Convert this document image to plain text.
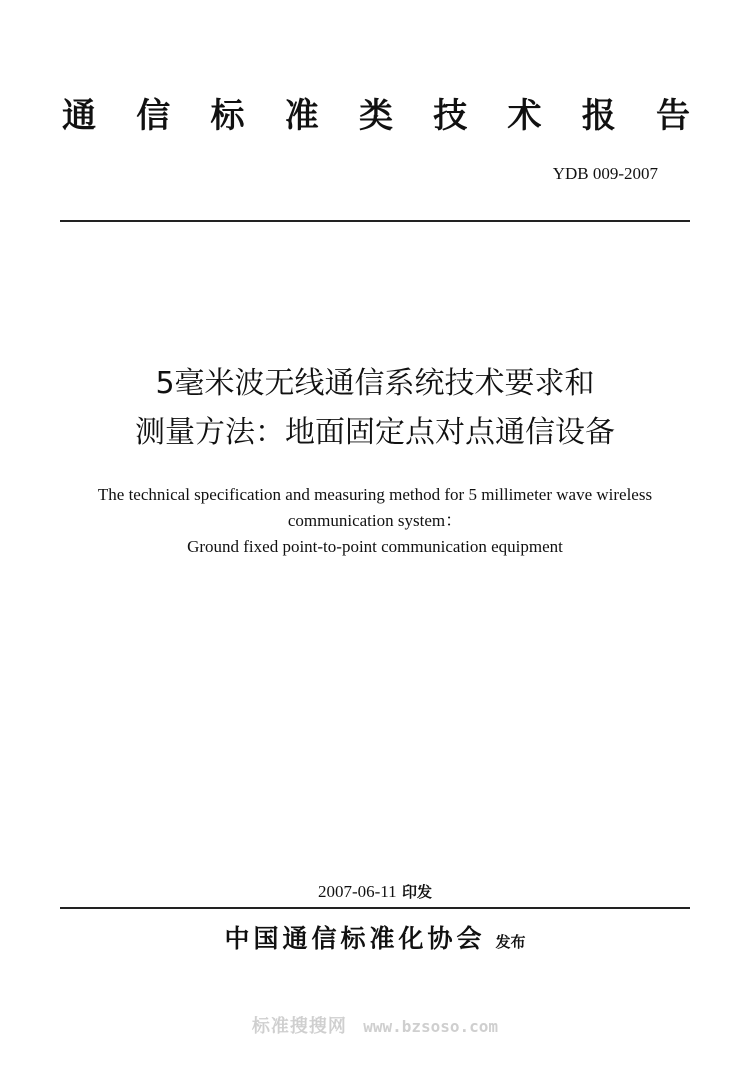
通 信 标 准 类 技 术 报 告
YDB 009-2007
5毫米波无线通信系统技术要求和
测量方法：地面固定点对点通信设备
The technical specification and measuring method for 5 millimeter wave wireless
communication system：
Ground fixed point-to-point communication equipment
2007-06-11 印发
中国通信标准化协会 发布
标准搜搜网 www.bzsoso.com
